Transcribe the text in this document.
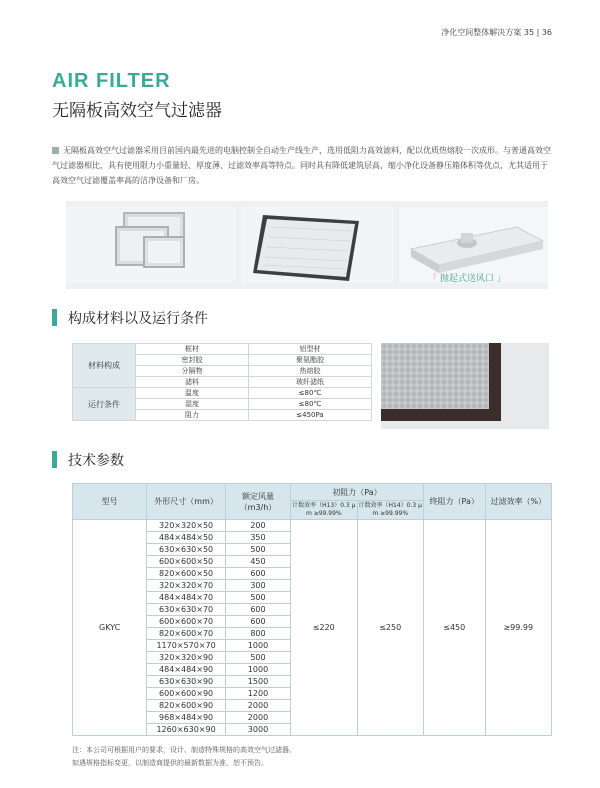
净化空间整体解决方案 35 | 36
AIR FILTER
无隔板高效空气过滤器
无隔板高效空气过滤器采用目前国内最先进的电脑控制全自动生产线生产，选用低阻力高效滤料，配以优质热熔胶一次成形。与普通高效空气过滤器相比，具有使用限力小重量轻、厚度薄、过滤效率高等特点。同时具有降低建筑层高，缩小净化设备静压箱体积等优点，尤其适用于高效空气过滤覆盖率高的洁净设备和厂房。
「 抛起式送风口 」
构成材料以及运行条件
材料构成	框材	铝型材
	密封胶	聚氨酯胶
	分隔物	热熔胶
	滤料	玻纤滤纸
运行条件	温度	≤80℃
	湿度	≤80℃
	阻力	≤450Pa
技术参数
型号	外形尺寸（mm）	额定风量（m3/h）	初阻力（Pa）		终阻力（Pa）	过滤效率（%）
			计数效率（H13）0.3 μ m ≥99.99%	计数效率（H14）0.3 μ m ≥99.99%		
GKYC	320×320×50	200	≤220	≤250	≤450	≥99.99
	484×484×50	350				
	630×630×50	500				
	600×600×50	450				
	820×600×50	600				
	320×320×70	300				
	484×484×70	500				
	630×630×70	600				
	600×600×70	600				
	820×600×70	800				
	1170×570×70	1000				
	320×320×90	500				
	484×484×90	1000				
	630×630×90	1500				
	600×600×90	1200				
	820×600×90	2000				
	968×484×90	2000				
	1260×630×90	3000				
注：本公司可根据用户的要求，设计、制造特殊规格的高效空气过滤器。
如遇规格指标变更，以制造商提供的最新数据为准，恕不预告。
